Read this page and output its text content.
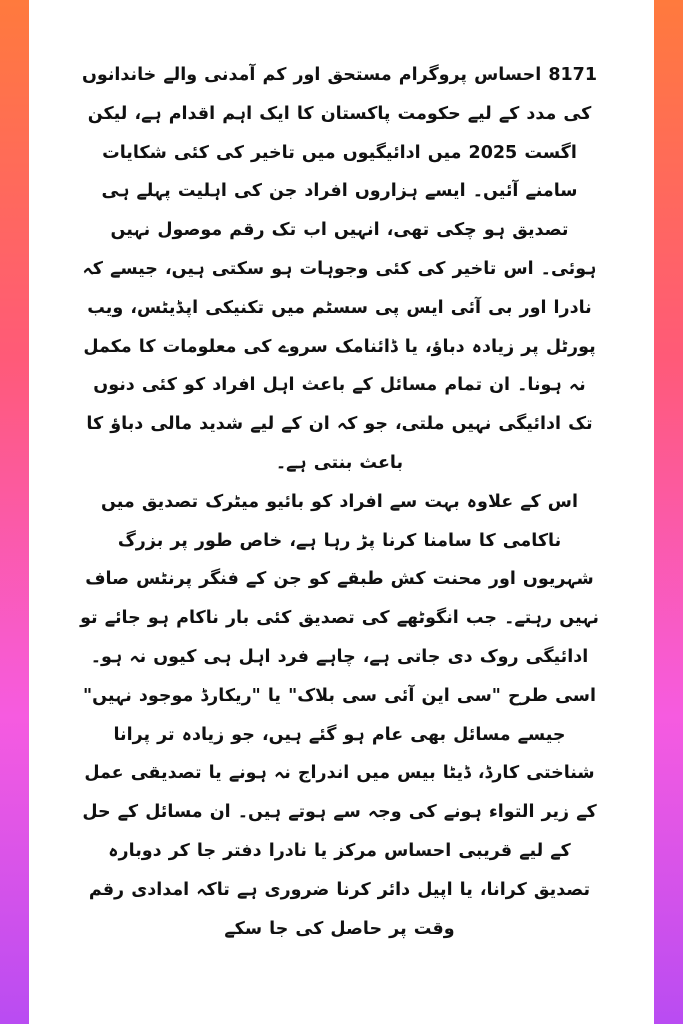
8171 احساس پروگرام مستحق اور کم آمدنی والے خاندانوں کی مدد کے لیے حکومت پاکستان کا ایک اہم اقدام ہے، لیکن اگست 2025 میں ادائیگیوں میں تاخیر کی کئی شکایات سامنے آئیں۔ ایسے ہزاروں افراد جن کی اہلیت پہلے ہی تصدیق ہو چکی تھی، انہیں اب تک رقم موصول نہیں ہوئی۔ اس تاخیر کی کئی وجوہات ہو سکتی ہیں، جیسے کہ نادرا اور بی آئی ایس پی سسٹم میں تکنیکی اپڈیٹس، ویب پورٹل پر زیادہ دباؤ، یا ڈائنامک سروے کی معلومات کا مکمل نہ ہونا۔ ان تمام مسائل کے باعث اہل افراد کو کئی دنوں تک ادائیگی نہیں ملتی، جو کہ ان کے لیے شدید مالی دباؤ کا باعث بنتی ہے۔

اس کے علاوہ بہت سے افراد کو بائیو میٹرک تصدیق میں ناکامی کا سامنا کرنا پڑ رہا ہے، خاص طور پر بزرگ شہریوں اور محنت کش طبقے کو جن کے فنگر پرنٹس صاف نہیں رہتے۔ جب انگوٹھے کی تصدیق کئی بار ناکام ہو جائے تو ادائیگی روک دی جاتی ہے، چاہے فرد اہل ہی کیوں نہ ہو۔ اسی طرح "سی این آئی سی بلاک" یا "ریکارڈ موجود نہیں" جیسے مسائل بھی عام ہو گئے ہیں، جو زیادہ تر پرانا شناختی کارڈ، ڈیٹا بیس میں اندراج نہ ہونے یا تصدیقی عمل کے زیر التواء ہونے کی وجہ سے ہوتے ہیں۔ ان مسائل کے حل کے لیے قریبی احساس مرکز یا نادرا دفتر جا کر دوبارہ تصدیق کرانا، یا اپیل دائر کرنا ضروری ہے تاکہ امدادی رقم وقت پر حاصل کی جا سکے
